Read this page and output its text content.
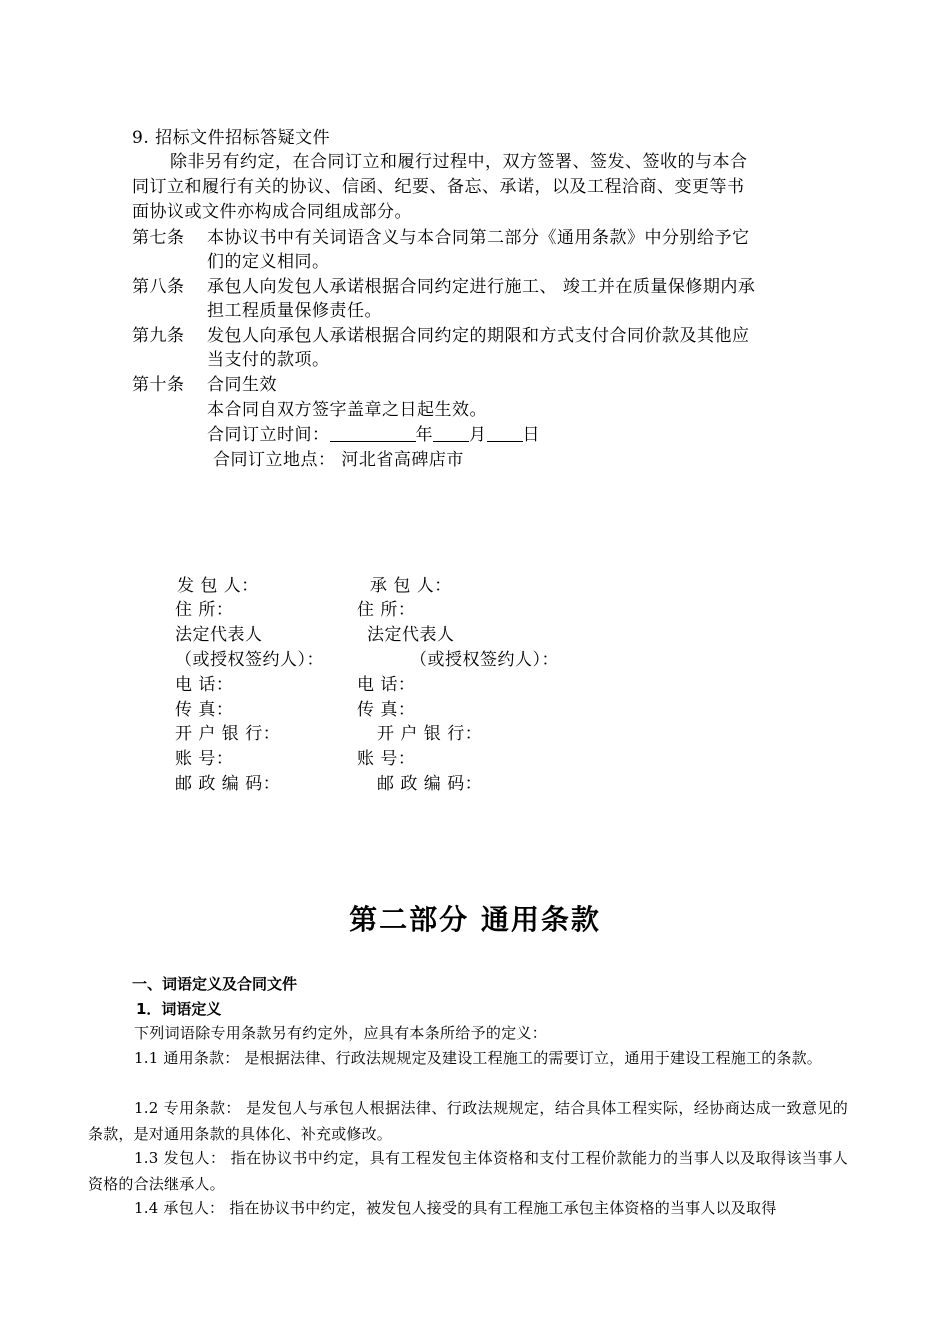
9. 招标文件招标答疑文件
除非另有约定，在合同订立和履行过程中，双方签署、签发、签收的与本合
同订立和履行有关的协议、信函、纪要、备忘、承诺，以及工程洽商、变更等书
面协议或文件亦构成合同组成部分。
第七条 本协议书中有关词语含义与本合同第二部分《通用条款》中分别给予它
们的定义相同。
第八条 承包人向发包人承诺根据合同约定进行施工、 竣工并在质量保修期内承
担工程质量保修责任。
第九条 发包人向承包人承诺根据合同约定的期限和方式支付合同价款及其他应
当支付的款项。
第十条 合同生效
本合同自双方签字盖章之日起生效。
合同订立时间：	年 月 日
合同订立地点： 河北省高碑店市
发 包 人：
住 所：
法定代表人
（或授权签约人）：
电 话：
传 真：
开 户 银 行：
账 号：
邮 政 编 码：
承 包 人：
住 所：
法定代表人
（或授权签约人）：
电 话：
传 真：
开 户 银 行：
账 号：
邮 政 编 码：
第二部分 通用条款
一、词语定义及合同文件
1．词语定义
下列词语除专用条款另有约定外，应具有本条所给予的定义：
1.1 通用条款： 是根据法律、行政法规规定及建设工程施工的需要订立，通用于建设工程施工的条款。
1.2 专用条款： 是发包人与承包人根据法律、行政法规规定，结合具体工程实际，经协商达成一致意见的条款，是对通用条款的具体化、补充或修改。
1.3 发包人： 指在协议书中约定，具有工程发包主体资格和支付工程价款能力的当事人以及取得该当事人资格的合法继承人。
1.4 承包人： 指在协议书中约定，被发包人接受的具有工程施工承包主体资格的当事人以及取得
